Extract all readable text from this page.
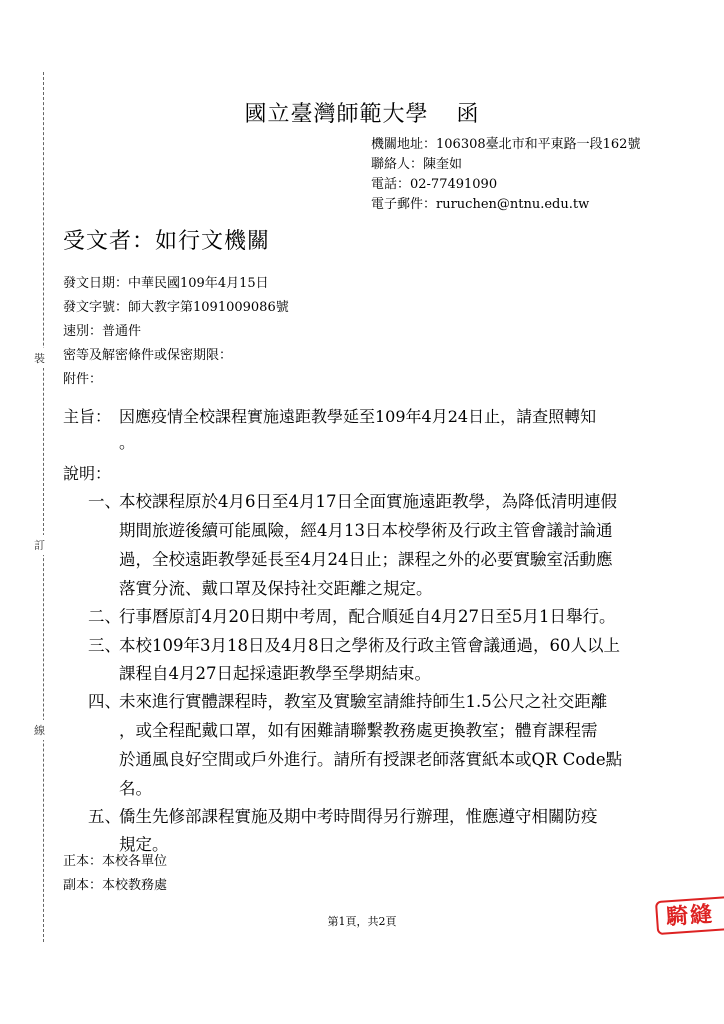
裝
訂
線
國立臺灣師範大學 函
機關地址：106308臺北市和平東路一段162號
聯絡人：陳奎如
電話：02-77491090
電子郵件：ruruchen@ntnu.edu.tw
受文者：如行文機關
發文日期：中華民國109年4月15日
發文字號：師大教字第1091009086號
速別：普通件
密等及解密條件或保密期限：
附件：
主旨： 因應疫情全校課程實施遠距教學延至109年4月24日止，請查照轉知
。
說明：
一、
本校課程原於4月6日至4月17日全面實施遠距教學，為降低清明連假
期間旅遊後續可能風險，經4月13日本校學術及行政主管會議討論通
過，全校遠距教學延長至4月24日止；課程之外的必要實驗室活動應
落實分流、戴口罩及保持社交距離之規定。
二、
行事曆原訂4月20日期中考周，配合順延自4月27日至5月1日舉行。
三、
本校109年3月18日及4月8日之學術及行政主管會議通過，60人以上
課程自4月27日起採遠距教學至學期結束。
四、
未來進行實體課程時，教室及實驗室請維持師生1.5公尺之社交距離
，或全程配戴口罩，如有困難請聯繫教務處更換教室；體育課程需
於通風良好空間或戶外進行。請所有授課老師落實紙本或QR Code點
名。
五、
僑生先修部課程實施及期中考時間得另行辦理，惟應遵守相關防疫
規定。
正本：本校各單位
副本：本校教務處
騎縫
第1頁，共2頁
